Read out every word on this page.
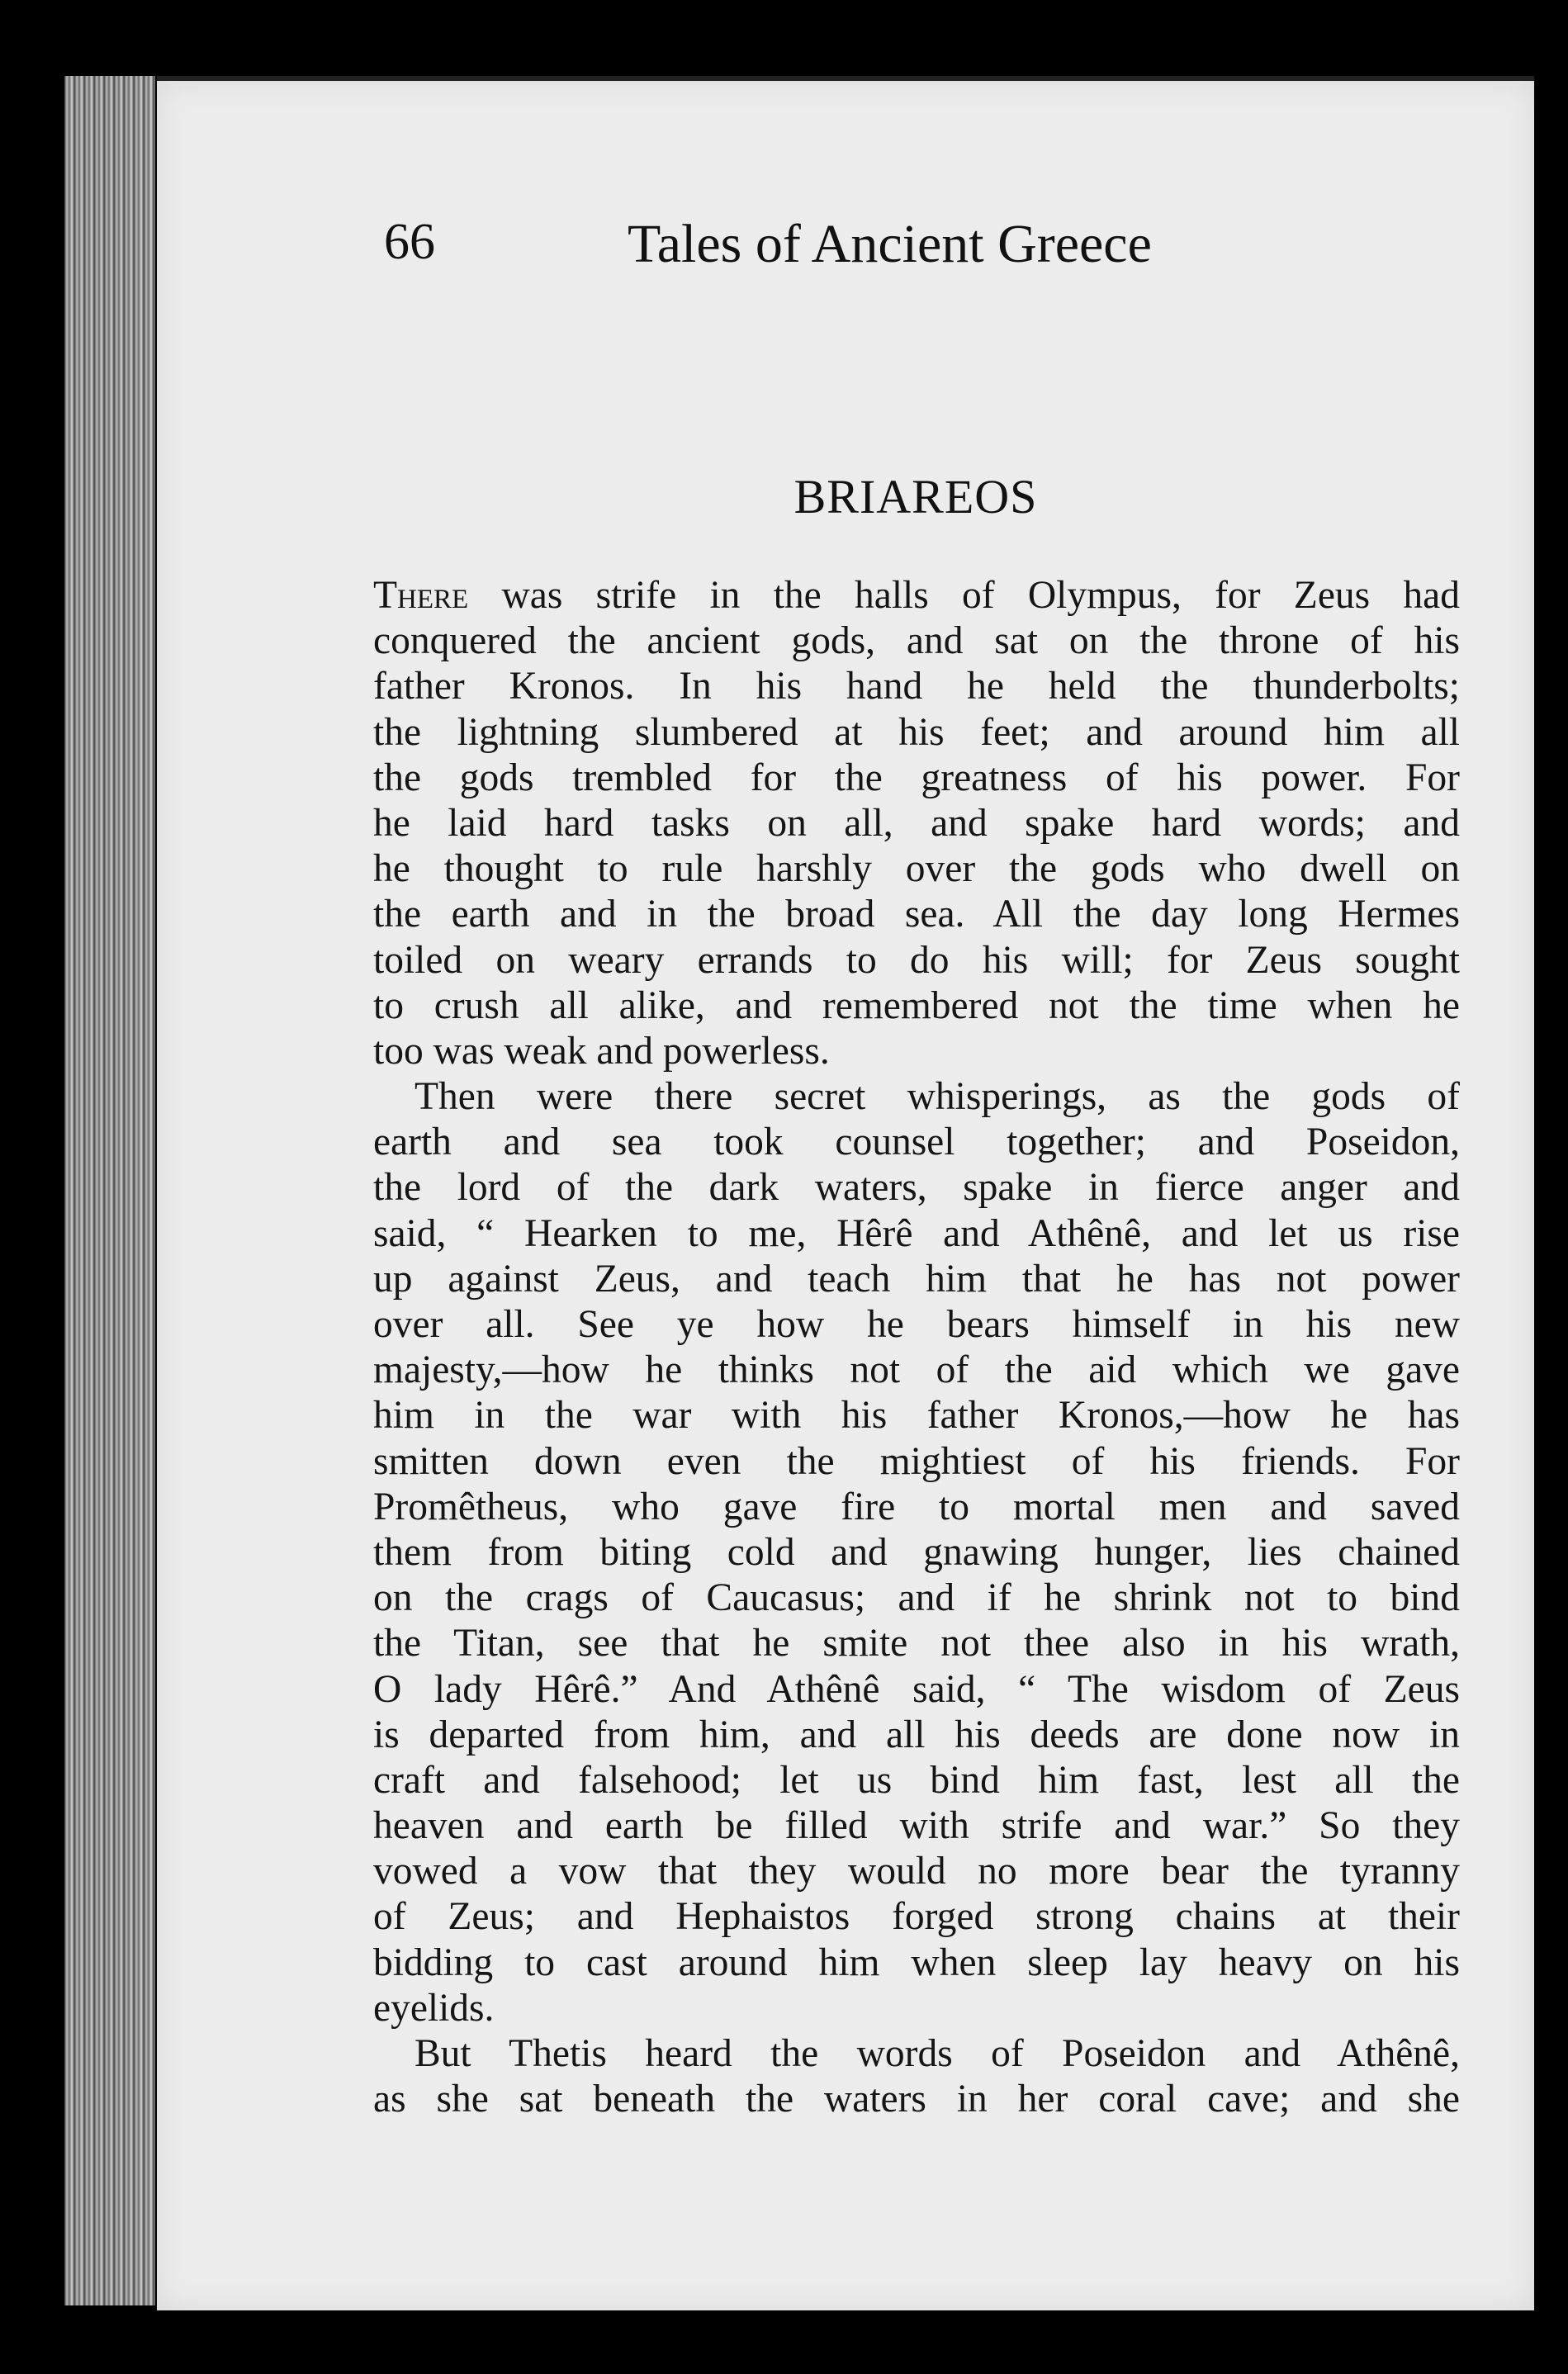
66	Tales of Ancient Greece
BRIAREOS
There was strife in the halls of Olympus, for Zeus had
conquered the ancient gods, and sat on the throne of his
father Kronos. In his hand he held the thunderbolts;
the lightning slumbered at his feet; and around him all
the gods trembled for the greatness of his power. For
he laid hard tasks on all, and spake hard words; and
he thought to rule harshly over the gods who dwell on
the earth and in the broad sea. All the day long Hermes
toiled on weary errands to do his will; for Zeus sought
to crush all alike, and remembered not the time when he
too was weak and powerless.
Then were there secret whisperings, as the gods of
earth and sea took counsel together; and Poseidon,
the lord of the dark waters, spake in fierce anger and
said, “ Hearken to me, Hêrê and Athênê, and let us rise
up against Zeus, and teach him that he has not power
over all. See ye how he bears himself in his new
majesty,—how he thinks not of the aid which we gave
him in the war with his father Kronos,—how he has
smitten down even the mightiest of his friends. For
Promêtheus, who gave fire to mortal men and saved
them from biting cold and gnawing hunger, lies chained
on the crags of Caucasus; and if he shrink not to bind
the Titan, see that he smite not thee also in his wrath,
O lady Hêrê.” And Athênê said, “ The wisdom of Zeus
is departed from him, and all his deeds are done now in
craft and falsehood; let us bind him fast, lest all the
heaven and earth be filled with strife and war.” So they
vowed a vow that they would no more bear the tyranny
of Zeus; and Hephaistos forged strong chains at their
bidding to cast around him when sleep lay heavy on his
eyelids.
But Thetis heard the words of Poseidon and Athênê,
as she sat beneath the waters in her coral cave; and she
